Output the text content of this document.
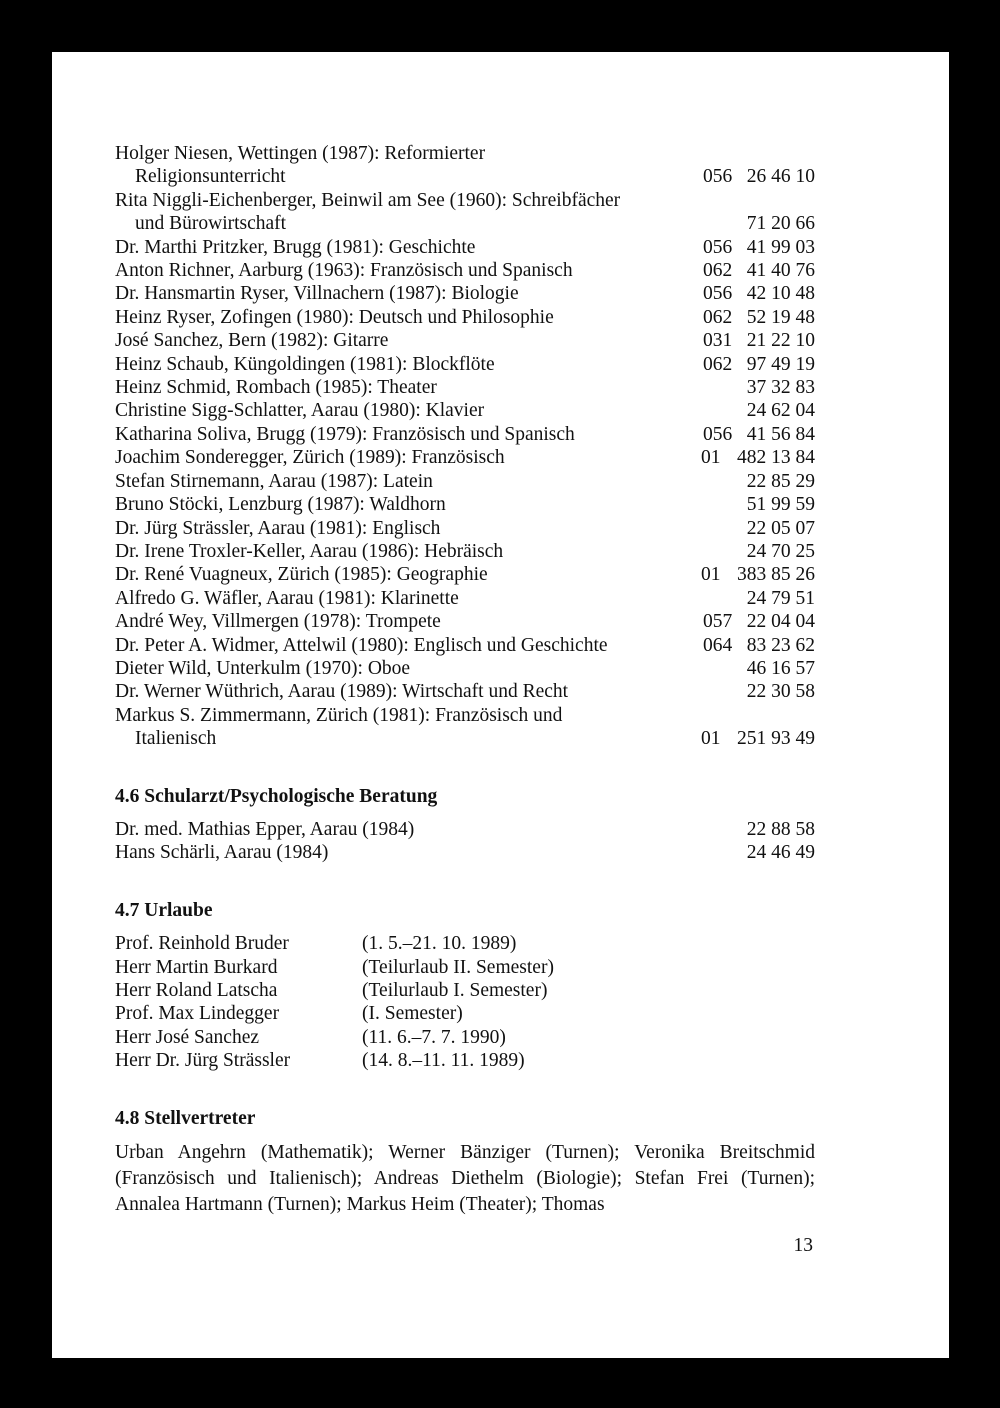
Holger Niesen, Wettingen (1987): Reformierter
Religionsunterricht	056 26 46 10
Rita Niggli-Eichenberger, Beinwil am See (1960): Schreibfächer
und Bürowirtschaft	71 20 66
Dr. Marthi Pritzker, Brugg (1981): Geschichte	056 41 99 03
Anton Richner, Aarburg (1963): Französisch und Spanisch	062 41 40 76
Dr. Hansmartin Ryser, Villnachern (1987): Biologie	056 42 10 48
Heinz Ryser, Zofingen (1980): Deutsch und Philosophie	062 52 19 48
José Sanchez, Bern (1982): Gitarre	031 21 22 10
Heinz Schaub, Küngoldingen (1981): Blockflöte	062 97 49 19
Heinz Schmid, Rombach (1985): Theater	37 32 83
Christine Sigg-Schlatter, Aarau (1980): Klavier	24 62 04
Katharina Soliva, Brugg (1979): Französisch und Spanisch	056 41 56 84
Joachim Sonderegger, Zürich (1989): Französisch	01 482 13 84
Stefan Stirnemann, Aarau (1987): Latein	22 85 29
Bruno Stöcki, Lenzburg (1987): Waldhorn	51 99 59
Dr. Jürg Strässler, Aarau (1981): Englisch	22 05 07
Dr. Irene Troxler-Keller, Aarau (1986): Hebräisch	24 70 25
Dr. René Vuagneux, Zürich (1985): Geographie	01 383 85 26
Alfredo G. Wäfler, Aarau (1981): Klarinette	24 79 51
André Wey, Villmergen (1978): Trompete	057 22 04 04
Dr. Peter A. Widmer, Attelwil (1980): Englisch und Geschichte	064 83 23 62
Dieter Wild, Unterkulm (1970): Oboe	46 16 57
Dr. Werner Wüthrich, Aarau (1989): Wirtschaft und Recht	22 30 58
Markus S. Zimmermann, Zürich (1981): Französisch und
Italienisch	01 251 93 49
4.6 Schularzt/Psychologische Beratung
Dr. med. Mathias Epper, Aarau (1984)	22 88 58
Hans Schärli, Aarau (1984)	24 46 49
4.7 Urlaube
Prof. Reinhold Bruder	(1. 5.–21. 10. 1989)
Herr Martin Burkard	(Teilurlaub II. Semester)
Herr Roland Latscha	(Teilurlaub I. Semester)
Prof. Max Lindegger	(I. Semester)
Herr José Sanchez	(11. 6.–7. 7. 1990)
Herr Dr. Jürg Strässler	(14. 8.–11. 11. 1989)
4.8 Stellvertreter
Urban Angehrn (Mathematik); Werner Bänziger (Turnen); Veronika Breitschmid (Französisch und Italienisch); Andreas Diethelm (Biologie); Stefan Frei (Turnen); Annalea Hartmann (Turnen); Markus Heim (Theater); Thomas
13
